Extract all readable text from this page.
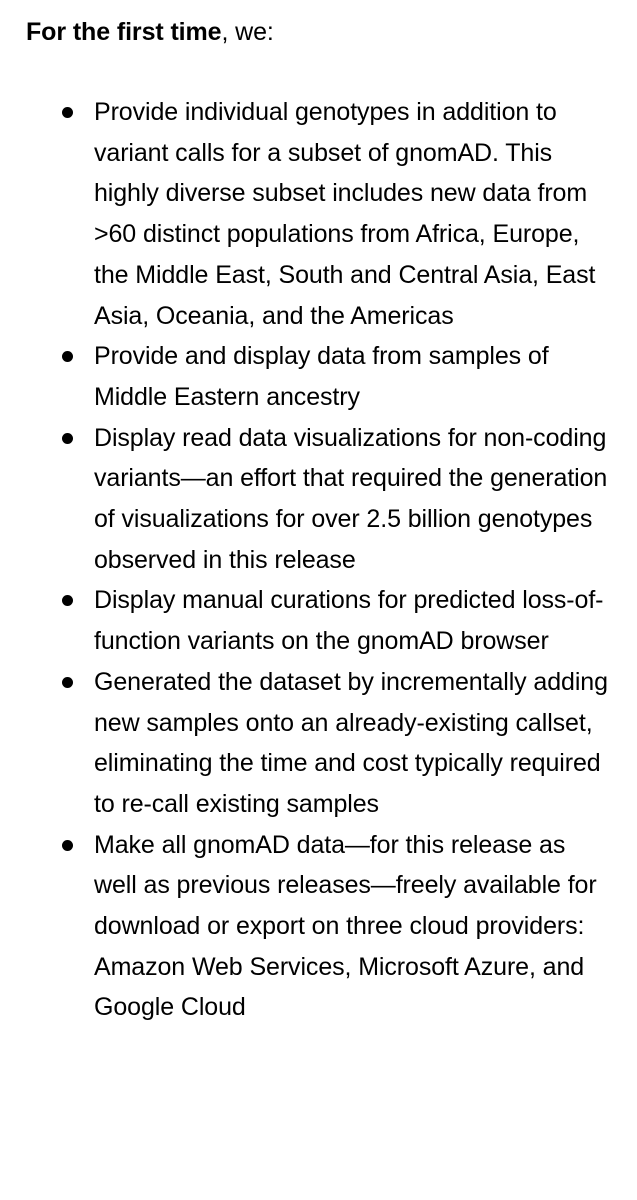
For the first time, we:

Provide individual genotypes in addition to variant calls for a subset of gnomAD. This highly diverse subset includes new data from >60 distinct populations from Africa, Europe, the Middle East, South and Central Asia, East Asia, Oceania, and the Americas
Provide and display data from samples of Middle Eastern ancestry
Display read data visualizations for non-coding variants—an effort that required the generation of visualizations for over 2.5 billion genotypes observed in this release
Display manual curations for predicted loss-of-function variants on the gnomAD browser
Generated the dataset by incrementally adding new samples onto an already-existing callset, eliminating the time and cost typically required to re-call existing samples
Make all gnomAD data—for this release as well as previous releases—freely available for download or export on three cloud providers: Amazon Web Services, Microsoft Azure, and Google Cloud
